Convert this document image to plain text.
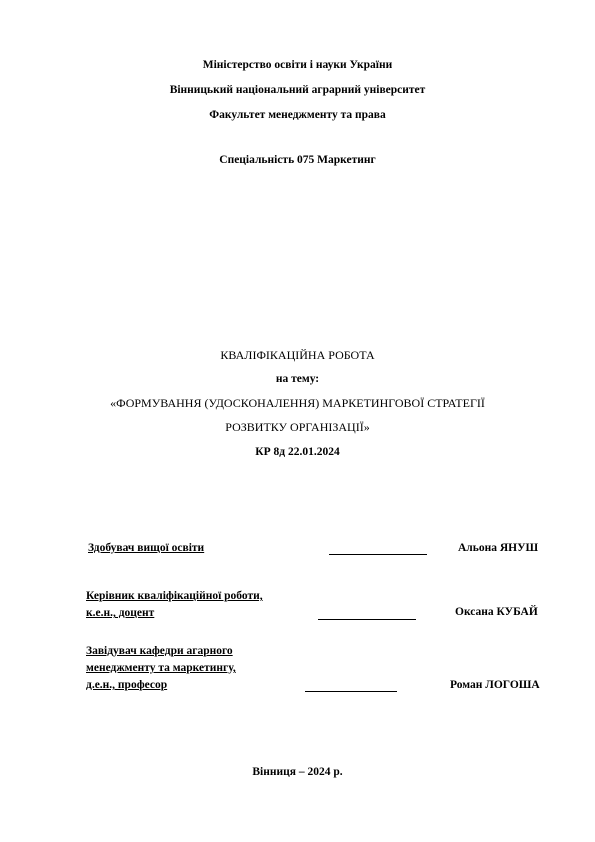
Міністерство освіти і науки України
Вінницький національний аграрний університет
Факультет менеджменту та права
Спеціальність 075 Маркетинг
КВАЛІФІКАЦІЙНА РОБОТА
на тему:
«ФОРМУВАННЯ (УДОСКОНАЛЕННЯ) МАРКЕТИНГОВОЇ СТРАТЕГІЇ
РОЗВИТКУ ОРГАНІЗАЦІЇ»
КР 8д 22.01.2024
Здобувач вищої освіти	Альона ЯНУШ
Керівник кваліфікаційної роботи,
к.е.н., доцент	Оксана КУБАЙ
Завідувач кафедри агарного
менеджменту та маркетингу,
д.е.н., професор	Роман ЛОГОША
Вінниця – 2024 р.
